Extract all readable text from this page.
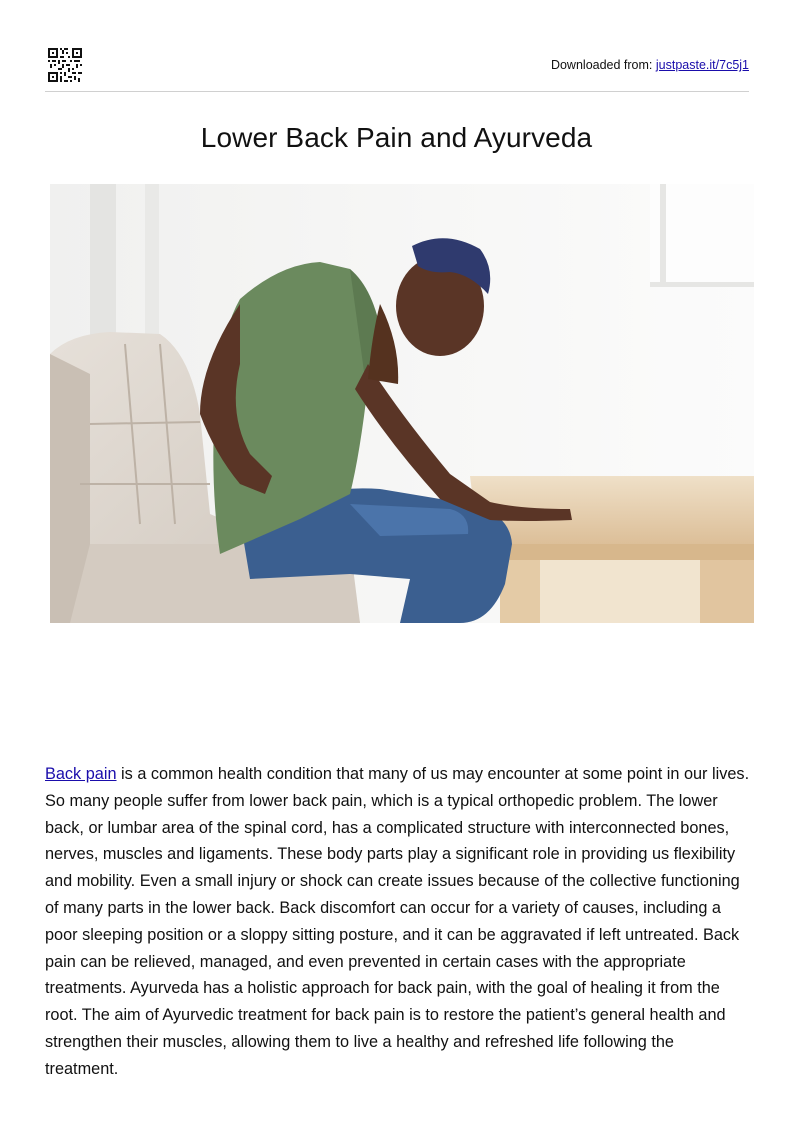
Downloaded from: justpaste.it/7c5j1
Lower Back Pain and Ayurveda

Back pain is a common health condition that many of us may encounter at some point in our lives. So many people suffer from lower back pain, which is a typical orthopedic problem. The lower back, or lumbar area of the spinal cord, has a complicated structure with interconnected bones, nerves, muscles and ligaments. These body parts play a significant role in providing us flexibility and mobility. Even a small injury or shock can create issues because of the collective functioning of many parts in the lower back. Back discomfort can occur for a variety of causes, including a poor sleeping position or a sloppy sitting posture, and it can be aggravated if left untreated. Back pain can be relieved, managed, and even prevented in certain cases with the appropriate treatments. Ayurveda has a holistic approach for back pain, with the goal of healing it from the root. The aim of Ayurvedic treatment for back pain is to restore the patient’s general health and strengthen their muscles, allowing them to live a healthy and refreshed life following the treatment.
